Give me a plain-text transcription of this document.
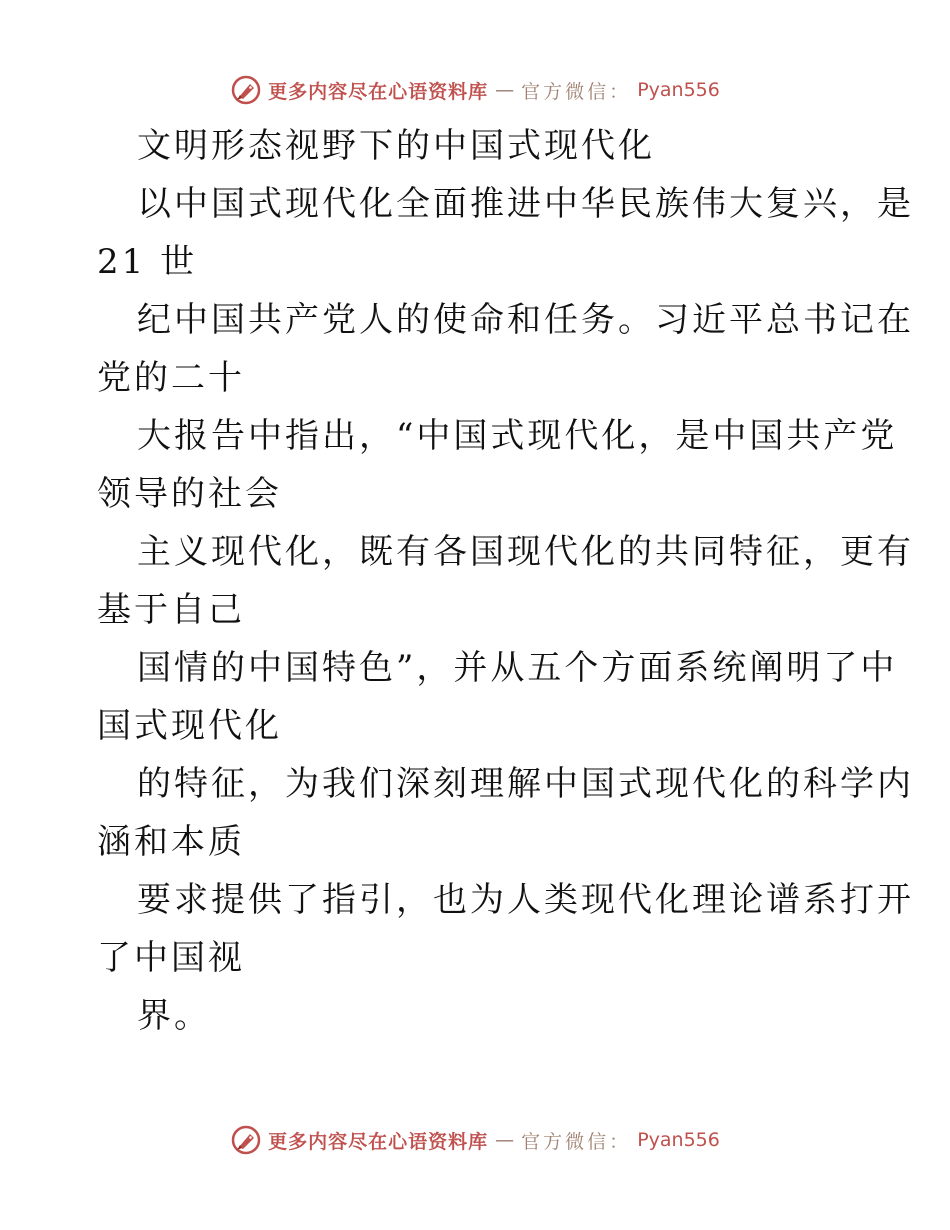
更多内容尽在心语资料库 — 官方微信： Pyan556
文明形态视野下的中国式现代化
以中国式现代化全面推进中华民族伟大复兴，是
21 世
纪中国共产党人的使命和任务。习近平总书记在
党的二十
大报告中指出，“中国式现代化，是中国共产党
领导的社会
主义现代化，既有各国现代化的共同特征，更有
基于自己
国情的中国特色”，并从五个方面系统阐明了中
国式现代化
的特征，为我们深刻理解中国式现代化的科学内
涵和本质
要求提供了指引，也为人类现代化理论谱系打开
了中国视
界。
更多内容尽在心语资料库 — 官方微信： Pyan556
